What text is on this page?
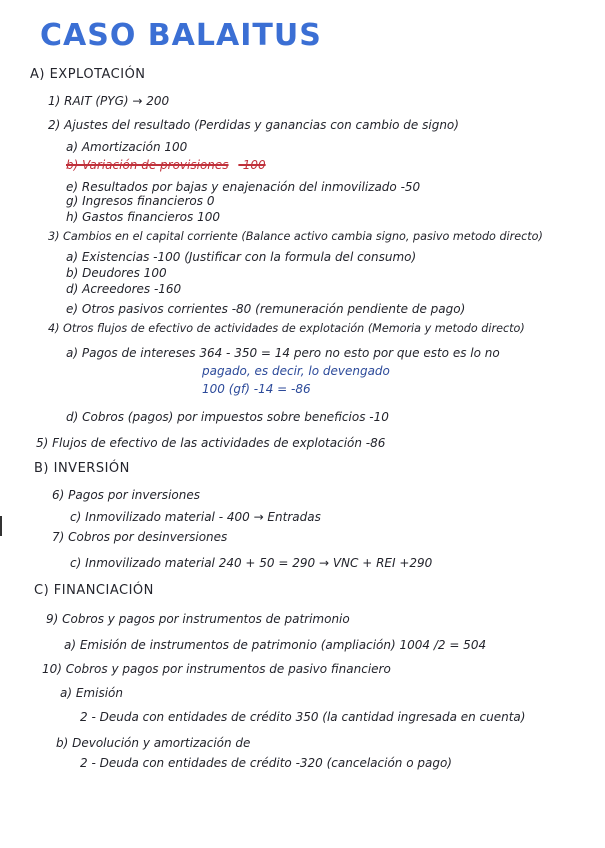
CASO BALAITUS
A) EXPLOTACIÓN
1) RAIT (PYG) → 200
2) Ajustes del resultado (Perdidas y ganancias con cambio de signo)
a) Amortización 100
b) Variación de provisiones -100
e) Resultados por bajas y enajenación del inmovilizado -50
g) Ingresos financieros 0
h) Gastos financieros 100
3) Cambios en el capital corriente (Balance activo cambia signo, pasivo metodo directo)
a) Existencias -100 (Justificar con la formula del consumo)
b) Deudores 100
d) Acreedores -160
e) Otros pasivos corrientes -80 (remuneración pendiente de pago)
4) Otros flujos de efectivo de actividades de explotación (Memoria y metodo directo)
a) Pagos de intereses 364 - 350 = 14 pero no esto por que esto es lo no
pagado, es decir, lo devengado
100 (gf) -14 = -86
d) Cobros (pagos) por impuestos sobre beneficios -10
5) Flujos de efectivo de las actividades de explotación -86
B) INVERSIÓN
6) Pagos por inversiones
c) Inmovilizado material - 400 → Entradas
7) Cobros por desinversiones
c) Inmovilizado material 240 + 50 = 290 → VNC + REI +290
C) FINANCIACIÓN
9) Cobros y pagos por instrumentos de patrimonio
a) Emisión de instrumentos de patrimonio (ampliación) 1004 /2 = 504
10) Cobros y pagos por instrumentos de pasivo financiero
a) Emisión
2 - Deuda con entidades de crédito 350 (la cantidad ingresada en cuenta)
b) Devolución y amortización de
2 - Deuda con entidades de crédito -320 (cancelación o pago)
